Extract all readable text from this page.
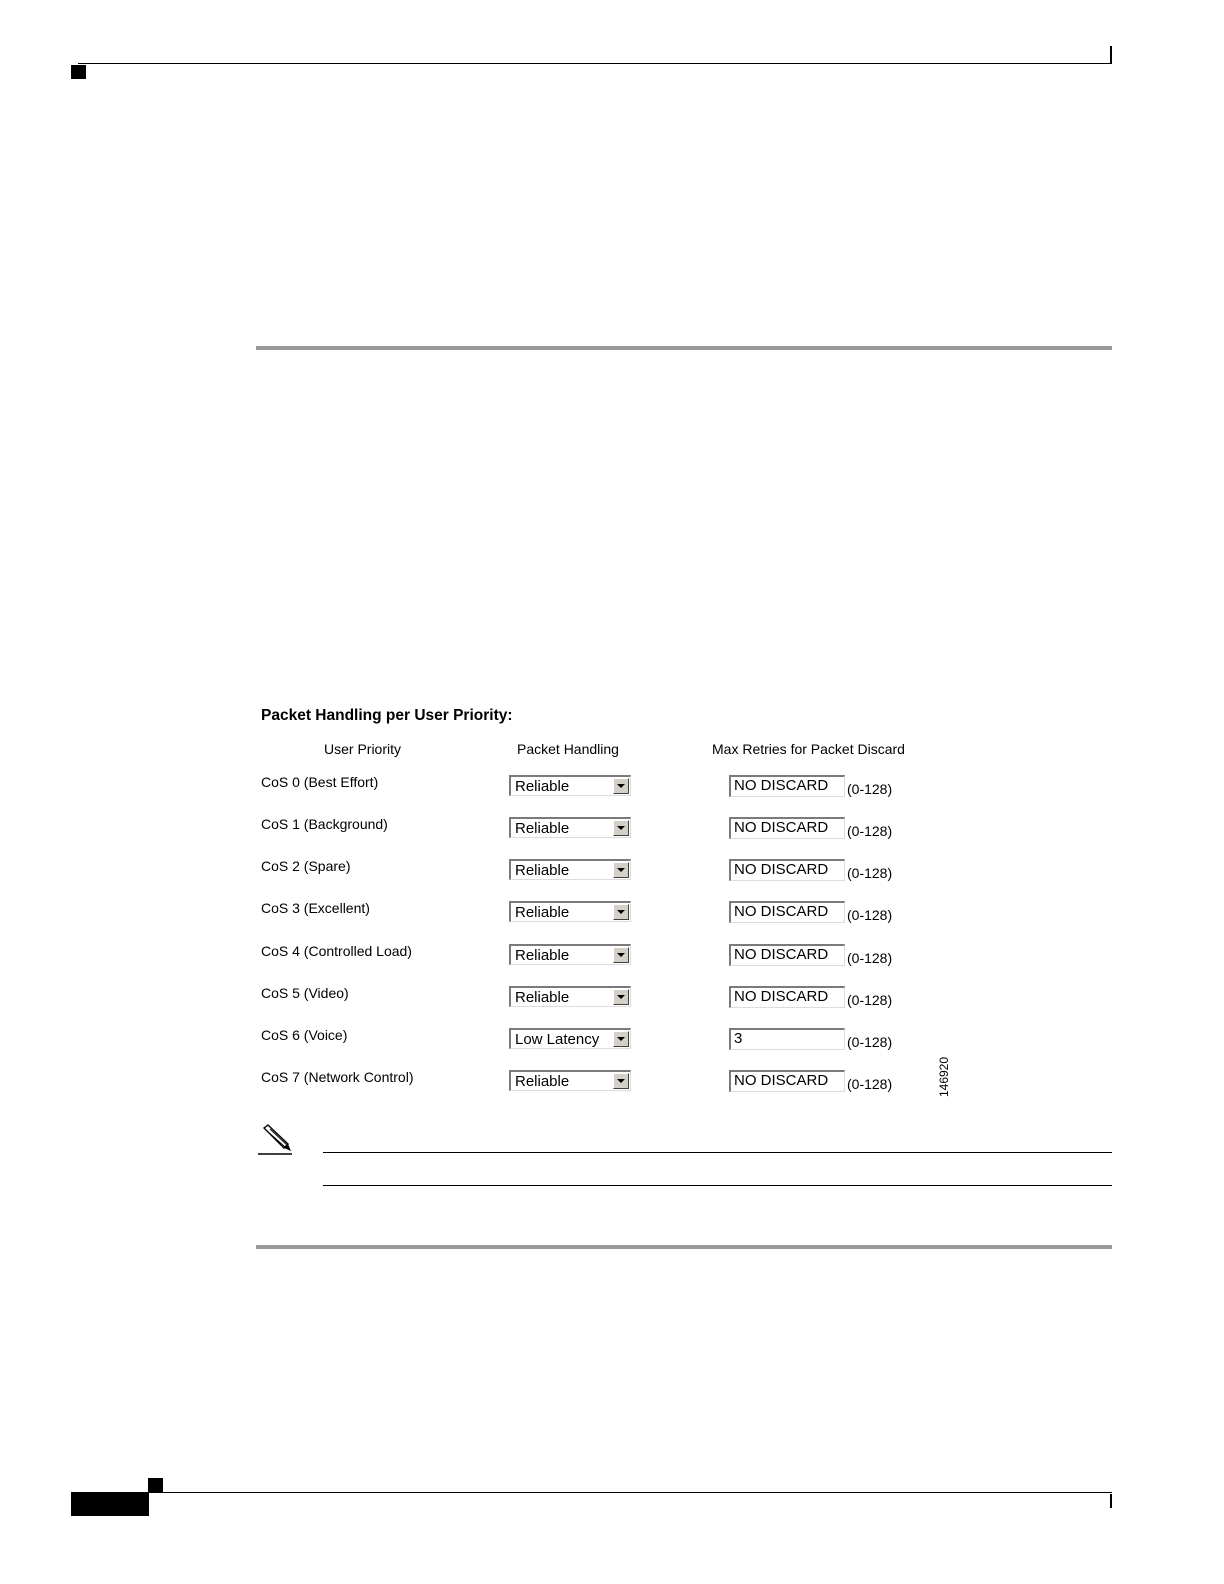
Packet Handling per User Priority:
User Priority	Packet Handling	Max Retries for Packet Discard
CoS 0 (Best Effort)	Reliable	NO DISCARD	(0-128)
CoS 1 (Background)	Reliable	NO DISCARD	(0-128)
CoS 2 (Spare)	Reliable	NO DISCARD	(0-128)
CoS 3 (Excellent)	Reliable	NO DISCARD	(0-128)
CoS 4 (Controlled Load)	Reliable	NO DISCARD	(0-128)
CoS 5 (Video)	Reliable	NO DISCARD	(0-128)
CoS 6 (Voice)	Low Latency	3	(0-128)
CoS 7 (Network Control)	Reliable	NO DISCARD	(0-128)	146920
